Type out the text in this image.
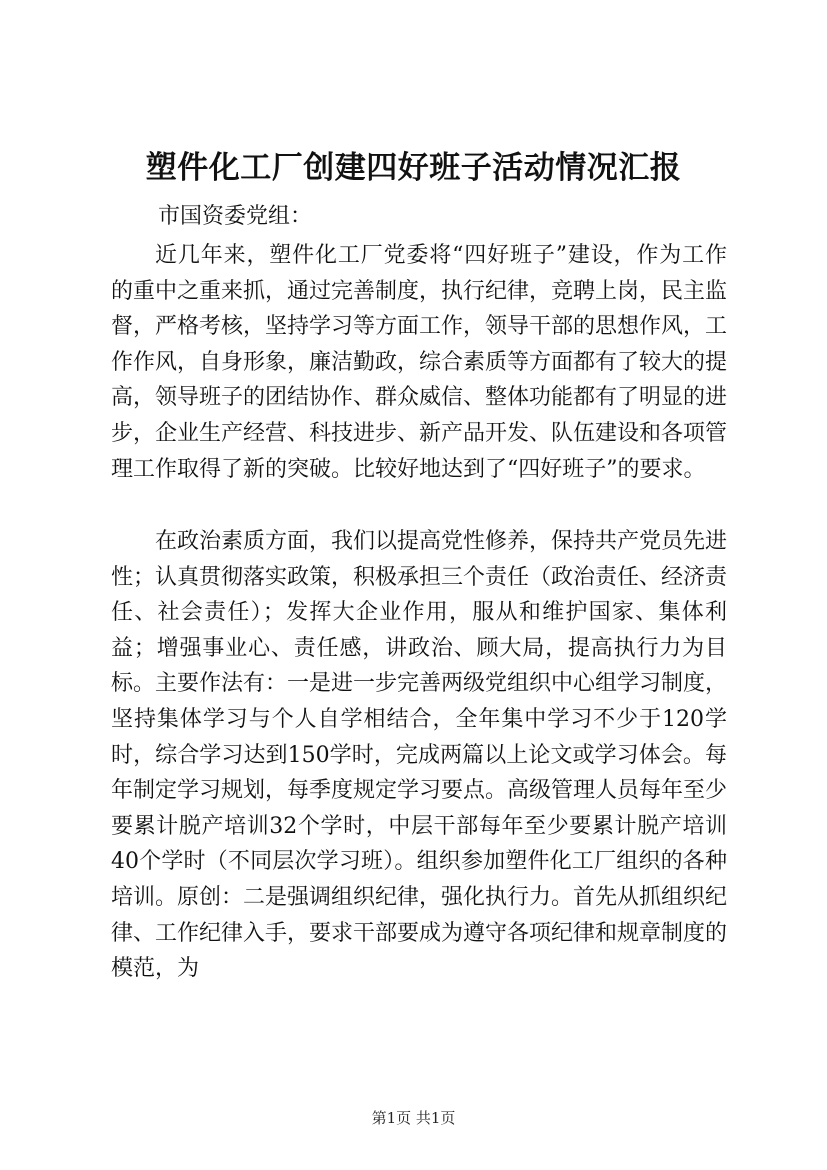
塑件化工厂创建四好班子活动情况汇报
市国资委党组：

近几年来，塑件化工厂党委将“四好班子”建设，作为工作的重中之重来抓，通过完善制度，执行纪律，竞聘上岗，民主监督，严格考核，坚持学习等方面工作，领导干部的思想作风，工作作风，自身形象，廉洁勤政，综合素质等方面都有了较大的提高，领导班子的团结协作、群众威信、整体功能都有了明显的进步，企业生产经营、科技进步、新产品开发、队伍建设和各项管理工作取得了新的突破。比较好地达到了“四好班子”的要求。

在政治素质方面，我们以提高党性修养，保持共产党员先进性；认真贯彻落实政策，积极承担三个责任（政治责任、经济责任、社会责任）；发挥大企业作用，服从和维护国家、集体利益；增强事业心、责任感，讲政治、顾大局，提高执行力为目标。主要作法有：一是进一步完善两级党组织中心组学习制度，坚持集体学习与个人自学相结合，全年集中学习不少于120学时，综合学习达到150学时，完成两篇以上论文或学习体会。每年制定学习规划，每季度规定学习要点。高级管理人员每年至少要累计脱产培训32个学时，中层干部每年至少要累计脱产培训40个学时（不同层次学习班）。组织参加塑件化工厂组织的各种培训。原创：二是强调组织纪律，强化执行力。首先从抓组织纪律、工作纪律入手，要求干部要成为遵守各项纪律和规章制度的模范，为

第1页 共1页
